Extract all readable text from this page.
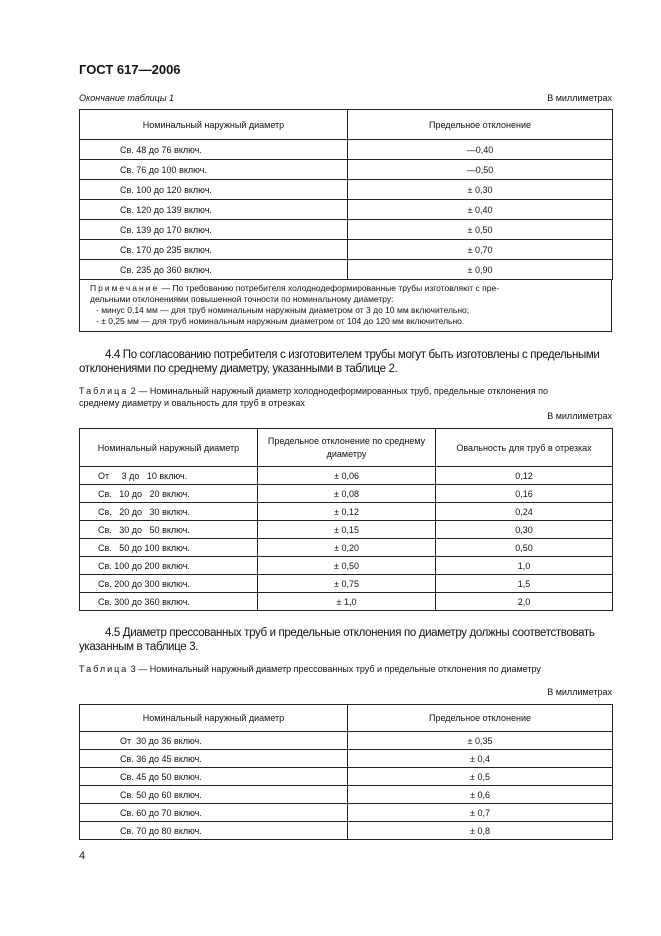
ГОСТ 617—2006
Окончание таблицы 1	В миллиметрах
Номинальный наружный диаметр	Предельное отклонение
Св. 48 до 76 включ.	—0,40
Св. 76 до 100 включ.	—0,50
Св. 100 до 120 включ.	± 0,30
Св. 120 до 139 включ.	± 0,40
Св. 139 до 170 включ.	± 0,50
Св. 170 до 235 включ.	± 0,70
Св. 235 до 360 включ.	± 0,90
Примечание — По требованию потребителя холоднодеформированные трубы изготовляют с пре-
дельными отклонениями повышенной точности по номинальному диаметру:
- минус 0,14 мм — для труб номинальным наружным диаметром от 3 до 10 мм включительно;
- ± 0,25 мм — для труб номинальным наружным диаметром от 104 до 120 мм включительно.
4.4 По согласованию потребителя с изготовителем трубы могут быть изготовлены с предельными
отклонениями по среднему диаметру, указанными в таблице 2.
Таблица 2 — Номинальный наружный диаметр холоднодеформированных труб, предельные отклонения по
среднему диаметру и овальность для труб в отрезках
В миллиметрах
Номинальный наружный диаметр	Предельное отклонение по среднему
диаметру	Овальность для труб в отрезках
От     3 до   10 включ.	± 0,06	0,12
Св.   10 до   20 включ.	± 0,08	0,16
Св.   20 до   30 включ.	± 0,12	0,24
Св.   30 до   50 включ.	± 0,15	0,30
Св.   50 до 100 включ.	± 0,20	0,50
Св. 100 до 200 включ.	± 0,50	1,0
Св. 200 до 300 включ.	± 0,75	1,5
Св. 300 до 360 включ.	± 1,0	2,0
4.5 Диаметр прессованных труб и предельные отклонения по диаметру должны соответствовать
указанным в таблице 3.
Таблица 3 — Номинальный наружный диаметр прессованных труб и предельные отклонения по диаметру
В миллиметрах
Номинальный наружный диаметр	Предельное отклонение
От  30 до 36 включ.	± 0,35
Св. 36 до 45 включ.	± 0,4
Св. 45 до 50 включ.	± 0,5
Св. 50 до 60 включ.	± 0,6
Св. 60 до 70 включ.	± 0,7
Св. 70 до 80 включ.	± 0,8
4
